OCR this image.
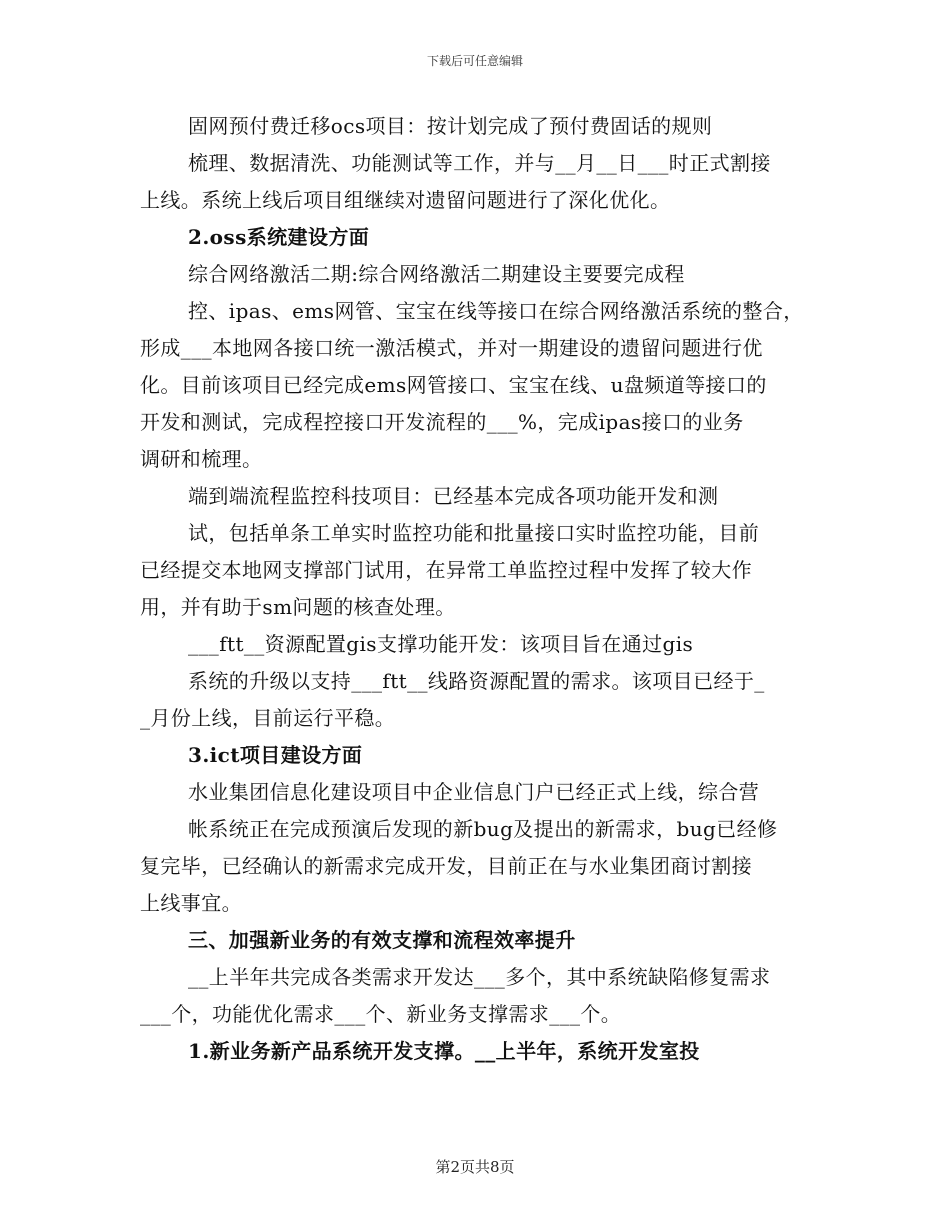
下载后可任意编辑
固网预付费迁移ocs项目：按计划完成了预付费固话的规则
梳理、数据清洗、功能测试等工作，并与__月__日___时正式割接
上线。系统上线后项目组继续对遗留问题进行了深化优化。
2.oss系统建设方面
综合网络激活二期:综合网络激活二期建设主要要完成程
控、ipas、ems网管、宝宝在线等接口在综合网络激活系统的整合，
形成___本地网各接口统一激活模式，并对一期建设的遗留问题进行优
化。目前该项目已经完成ems网管接口、宝宝在线、u盘频道等接口的
开发和测试，完成程控接口开发流程的___%，完成ipas接口的业务
调研和梳理。
端到端流程监控科技项目：已经基本完成各项功能开发和测
试，包括单条工单实时监控功能和批量接口实时监控功能，目前
已经提交本地网支撑部门试用，在异常工单监控过程中发挥了较大作
用，并有助于sm问题的核查处理。
___ftt__资源配置gis支撑功能开发：该项目旨在通过gis
系统的升级以支持___ftt__线路资源配置的需求。该项目已经于_
_月份上线，目前运行平稳。
3.ict项目建设方面
水业集团信息化建设项目中企业信息门户已经正式上线，综合营
帐系统正在完成预演后发现的新bug及提出的新需求，bug已经修
复完毕，已经确认的新需求完成开发，目前正在与水业集团商讨割接
上线事宜。
三、加强新业务的有效支撑和流程效率提升
__上半年共完成各类需求开发达___多个，其中系统缺陷修复需求
___个，功能优化需求___个、新业务支撑需求___个。
1.新业务新产品系统开发支撑。__上半年，系统开发室投
第2页共8页
